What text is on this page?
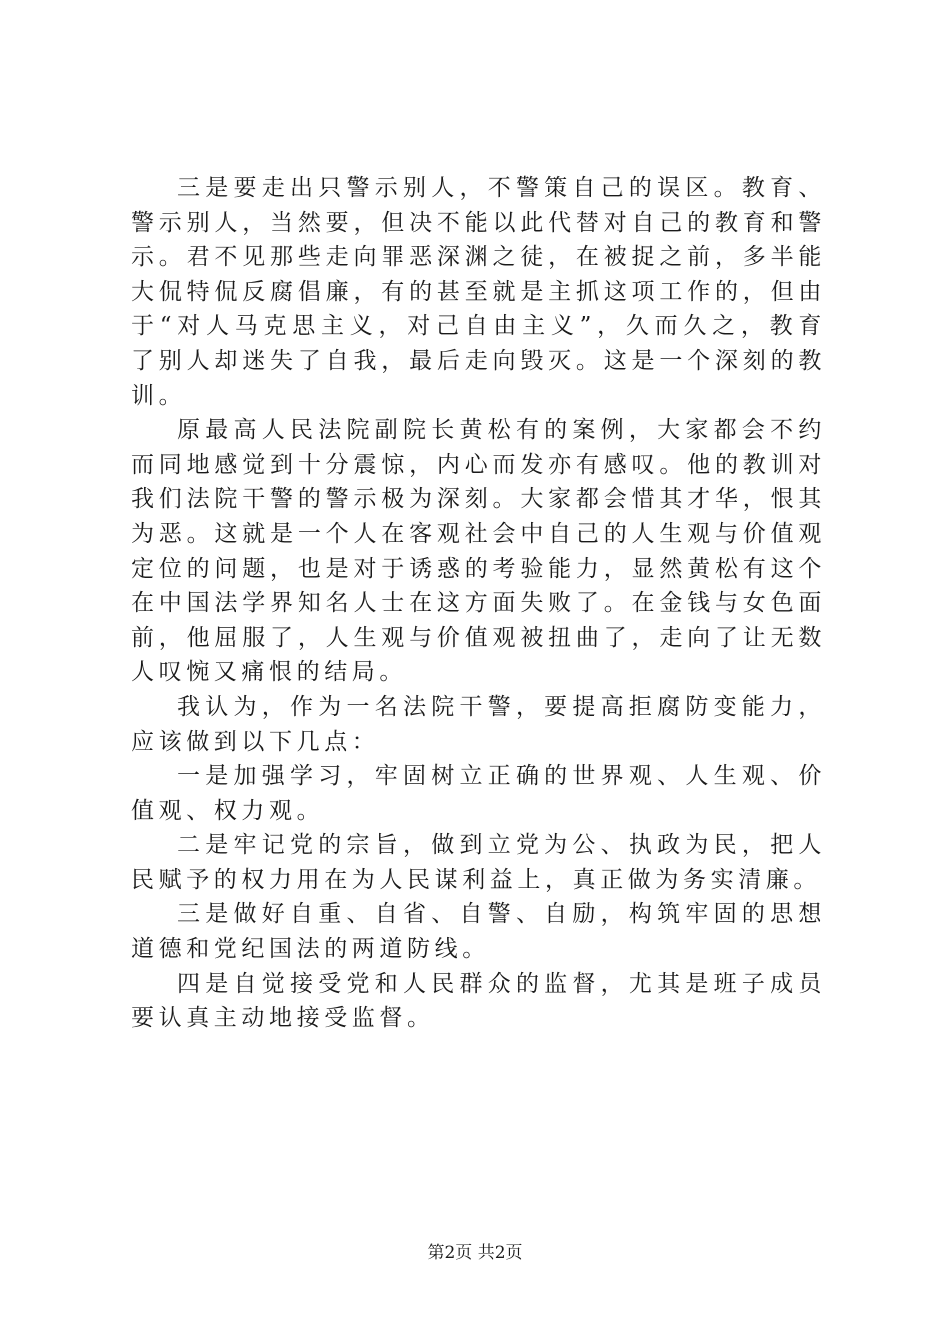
三是要走出只警示别人，不警策自己的误区。教育、警示别人，当然要，但决不能以此代替对自己的教育和警示。君不见那些走向罪恶深渊之徒，在被捉之前，多半能大侃特侃反腐倡廉，有的甚至就是主抓这项工作的，但由于“对人马克思主义，对己自由主义”，久而久之，教育了别人却迷失了自我，最后走向毁灭。这是一个深刻的教训。

原最高人民法院副院长黄松有的案例，大家都会不约而同地感觉到十分震惊，内心而发亦有感叹。他的教训对我们法院干警的警示极为深刻。大家都会惜其才华，恨其为恶。这就是一个人在客观社会中自己的人生观与价值观定位的问题，也是对于诱惑的考验能力，显然黄松有这个在中国法学界知名人士在这方面失败了。在金钱与女色面前，他屈服了，人生观与价值观被扭曲了，走向了让无数人叹惋又痛恨的结局。

我认为，作为一名法院干警，要提高拒腐防变能力，应该做到以下几点：

一是加强学习，牢固树立正确的世界观、人生观、价值观、权力观。

二是牢记党的宗旨，做到立党为公、执政为民，把人民赋予的权力用在为人民谋利益上，真正做为务实清廉。

三是做好自重、自省、自警、自励，构筑牢固的思想道德和党纪国法的两道防线。

四是自觉接受党和人民群众的监督，尤其是班子成员要认真主动地接受监督。

第2页 共2页
